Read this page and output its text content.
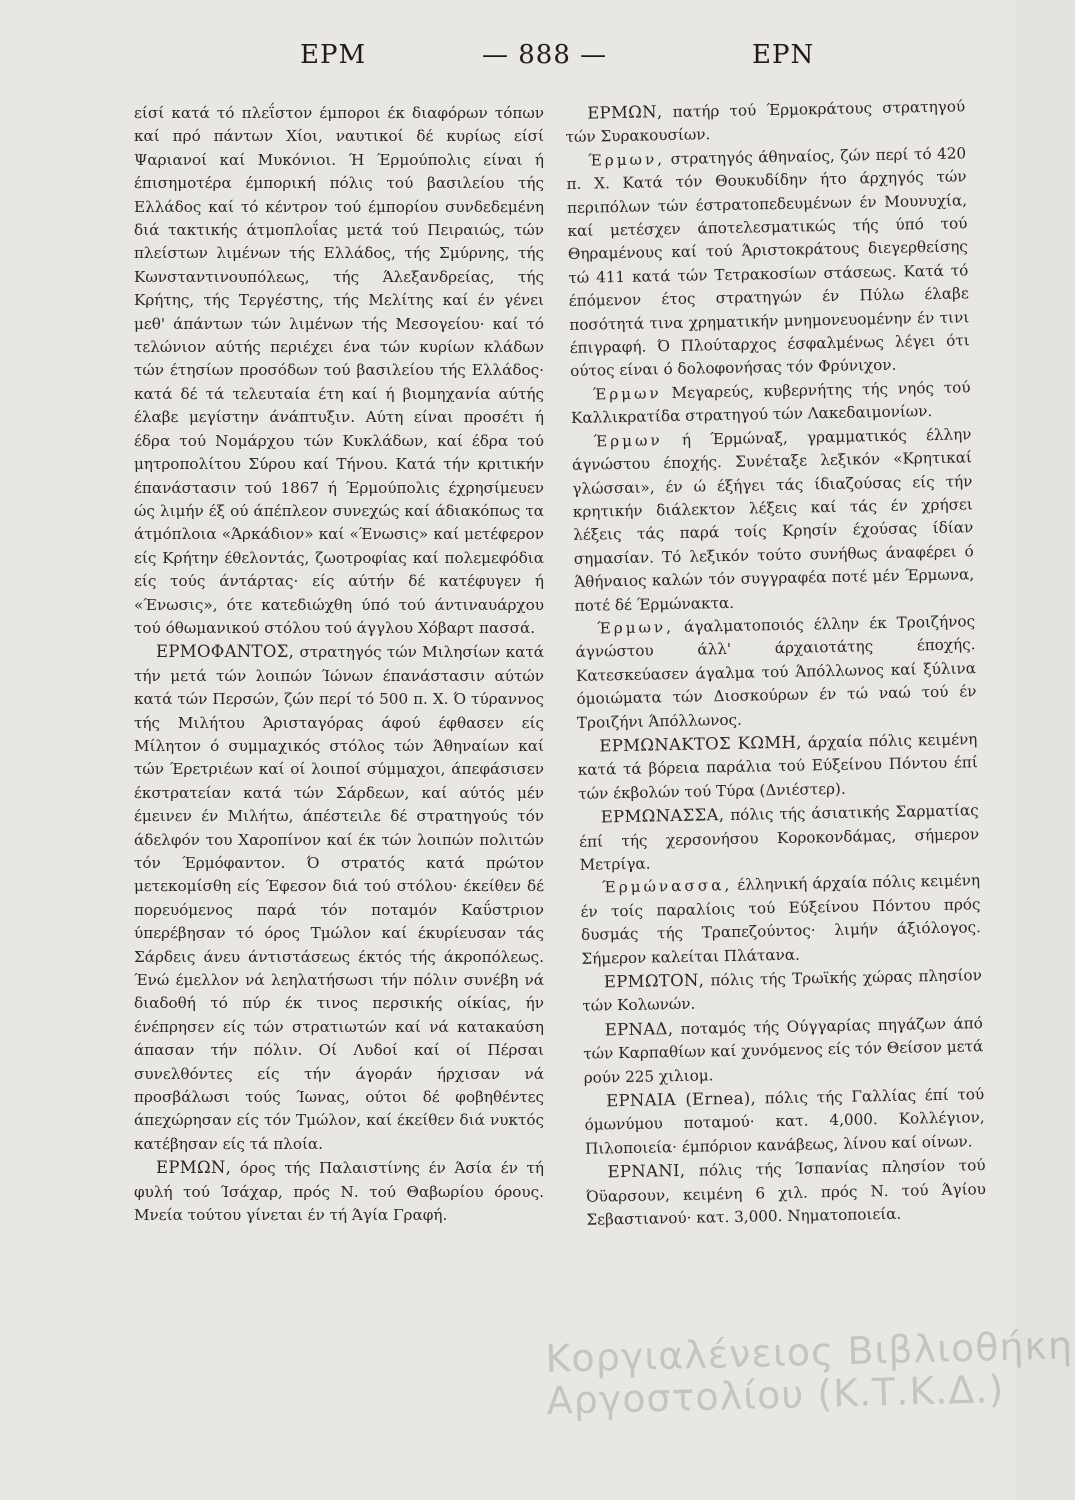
ΕΡΜ	— 888 —	ΕΡΝ

είσί κατά τό πλεΐστον έμποροι έκ διαφόρων τόπων καί πρό πάντων Χίοι, ναυτικοί δέ κυρίως είσί Ψαριανοί καί Μυκόνιοι. Ή Έρμούπολις είναι ή έπισημοτέρα έμπορική πόλις τού βασιλείου τής Ελλάδος καί τό κέντρον τού έμπορίου συνδεδεμένη διά τακτικής άτμοπλοΐας μετά τού Πειραιώς, τών πλείστων λιμένων τής Ελλάδος, τής Σμύρνης, τής Κωνσταντινουπόλεως, τής Άλεξανδρείας, τής Κρήτης, τής Τεργέστης, τής Μελίτης καί έν γένει μεθ' άπάντων τών λιμένων τής Μεσογείου· καί τό τελώνιον αύτής περιέχει ένα τών κυρίων κλάδων τών έτησίων προσόδων τού βασιλείου τής Ελλάδος· κατά δέ τά τελευταία έτη καί ή βιομηχανία αύτής έλαβε μεγίστην άνάπτυξιν. Αύτη είναι προσέτι ή έδρα τού Νομάρχου τών Κυκλάδων, καί έδρα τού μητροπολίτου Σύρου καί Τήνου. Κατά τήν κριτικήν έπανάστασιν τού 1867 ή Έρμούπολις έχρησίμευεν ώς λιμήν έξ ού άπέπλεον συνεχώς καί άδιακόπως τα άτμόπλοια «Άρκάδιον» καί «Ένωσις» καί μετέφερον είς Κρήτην έθελοντάς, ζωοτροφίας καί πολεμεφόδια είς τούς άντάρτας· είς αύτήν δέ κατέφυγεν ή «Ένωσις», ότε κατεδιώχθη ύπό τού άντιναυάρχου τού όθωμανικού στόλου τού άγγλου Χόβαρτ πασσά.

ΕΡΜΟΦΑΝΤΟΣ, στρατηγός τών Μιλησίων κατά τήν μετά τών λοιπών Ίώνων έπανάστασιν αύτών κατά τών Περσών, ζών περί τό 500 π. Χ. Ό τύραννος τής Μιλήτου Άρισταγόρας άφού έφθασεν είς Μίλητον ό συμμαχικός στόλος τών Άθηναίων καί τών Έρετριέων καί οί λοιποί σύμμαχοι, άπεφάσισεν έκστρατείαν κατά τών Σάρδεων, καί αύτός μέν έμεινεν έν Μιλήτω, άπέστειλε δέ στρατηγούς τόν άδελφόν του Χαροπίνον καί έκ τών λοιπών πολιτών τόν Έρμόφαντον. Ό στρατός κατά πρώτον μετεκομίσθη είς Έφεσον διά τού στόλου· έκείθεν δέ πορευόμενος παρά τόν ποταμόν Καΰστριον ύπερέβησαν τό όρος Τμώλον καί έκυρίευσαν τάς Σάρδεις άνευ άντιστάσεως έκτός τής άκροπόλεως. Ένώ έμελλον νά λεηλατήσωσι τήν πόλιν συνέβη νά διαδοθή τό πύρ έκ τινος περσικής οίκίας, ήν ένέπρησεν είς τών στρατιωτών καί νά κατακαύση άπασαν τήν πόλιν. Οί Λυδοί καί οί Πέρσαι συνελθόντες είς τήν άγοράν ήρχισαν νά προσβάλωσι τούς Ίωνας, ούτοι δέ φοβηθέντες άπεχώρησαν είς τόν Τμώλον, καί έκείθεν διά νυκτός κατέβησαν είς τά πλοία.

ΕΡΜΩΝ, όρος τής Παλαιστίνης έν Άσία έν τή φυλή τού Ίσάχαρ, πρός Ν. τού Θαβωρίου όρους. Μνεία τούτου γίνεται έν τή Άγία Γραφή.

ΕΡΜΩΝ, πατήρ τού Έρμοκράτους στρατηγού τών Συρακουσίων.

Έρμων, στρατηγός άθηναίος, ζών περί τό 420 π. Χ. Κατά τόν Θουκυδίδην ήτο άρχηγός τών περιπόλων τών έστρατοπεδευμένων έν Μουνυχία, καί μετέσχεν άποτελεσματικώς τής ύπό τού Θηραμένους καί τού Άριστοκράτους διεγερθείσης τώ 411 κατά τών Τετρακοσίων στάσεως. Κατά τό έπόμενον έτος στρατηγών έν Πύλω έλαβε ποσότητά τινα χρηματικήν μνημονευομένην έν τινι έπιγραφή. Ό Πλούταρχος έσφαλμένως λέγει ότι ούτος είναι ό δολοφονήσας τόν Φρύνιχον.

Έρμων Μεγαρεύς, κυβερνήτης τής νηός τού Καλλικρατίδα στρατηγού τών Λακεδαιμονίων.

Έρμων ή Έρμώναξ, γραμματικός έλλην άγνώστου έποχής. Συνέταξε λεξικόν «Κρητικαί γλώσσαι», έν ώ έξήγει τάς ίδιαζούσας είς τήν κρητικήν διάλεκτον λέξεις καί τάς έν χρήσει λέξεις τάς παρά τοίς Κρησίν έχούσας ίδίαν σημασίαν. Τό λεξικόν τούτο συνήθως άναφέρει ό Άθήναιος καλών τόν συγγραφέα ποτέ μέν Έρμωνα, ποτέ δέ Έρμώνακτα.

Έρμων, άγαλματοποιός έλλην έκ Τροιζήνος άγνώστου άλλ' άρχαιοτάτης έποχής. Κατεσκεύασεν άγαλμα τού Άπόλλωνος καί ξύλινα όμοιώματα τών Διοσκούρων έν τώ ναώ τού έν Τροιζήνι Άπόλλωνος.

ΕΡΜΩΝΑΚΤΟΣ ΚΩΜΗ, άρχαία πόλις κειμένη κατά τά βόρεια παράλια τού Εύξείνου Πόντου έπί τών έκβολών τού Τύρα (Δνιέστερ).

ΕΡΜΩΝΑΣΣΑ, πόλις τής άσιατικής Σαρματίας έπί τής χερσονήσου Κοροκονδάμας, σήμερον Μετρίγα.

Έρμώνασσα, έλληνική άρχαία πόλις κειμένη έν τοίς παραλίοις τού Εύξείνου Πόντου πρός δυσμάς τής Τραπεζούντος· λιμήν άξιόλογος. Σήμερον καλείται Πλάτανα.

ΕΡΜΩΤΟΝ, πόλις τής Τρωϊκής χώρας πλησίον τών Κολωνών.

ΕΡΝΑΔ, ποταμός τής Ούγγαρίας πηγάζων άπό τών Καρπαθίων καί χυνόμενος είς τόν Θείσον μετά ρούν 225 χιλιομ.

ΕΡΝΑΙΑ (Ernea), πόλις τής Γαλλίας έπί τού όμωνύμου ποταμού· κατ. 4,000. Κολλέγιον, Πιλοποιεία· έμπόριον κανάβεως, λίνου καί οίνων.

ΕΡΝΑΝΙ, πόλις τής Ίσπανίας πλησίον τού Όϋαρσουν, κειμένη 6 χιλ. πρός Ν. τού Άγίου Σεβαστιανού· κατ. 3,000. Νηματοποιεία.

Κοργιαλένειος Βιβλιοθήκη
Αργοστολίου (Κ.Τ.Κ.Δ.)
